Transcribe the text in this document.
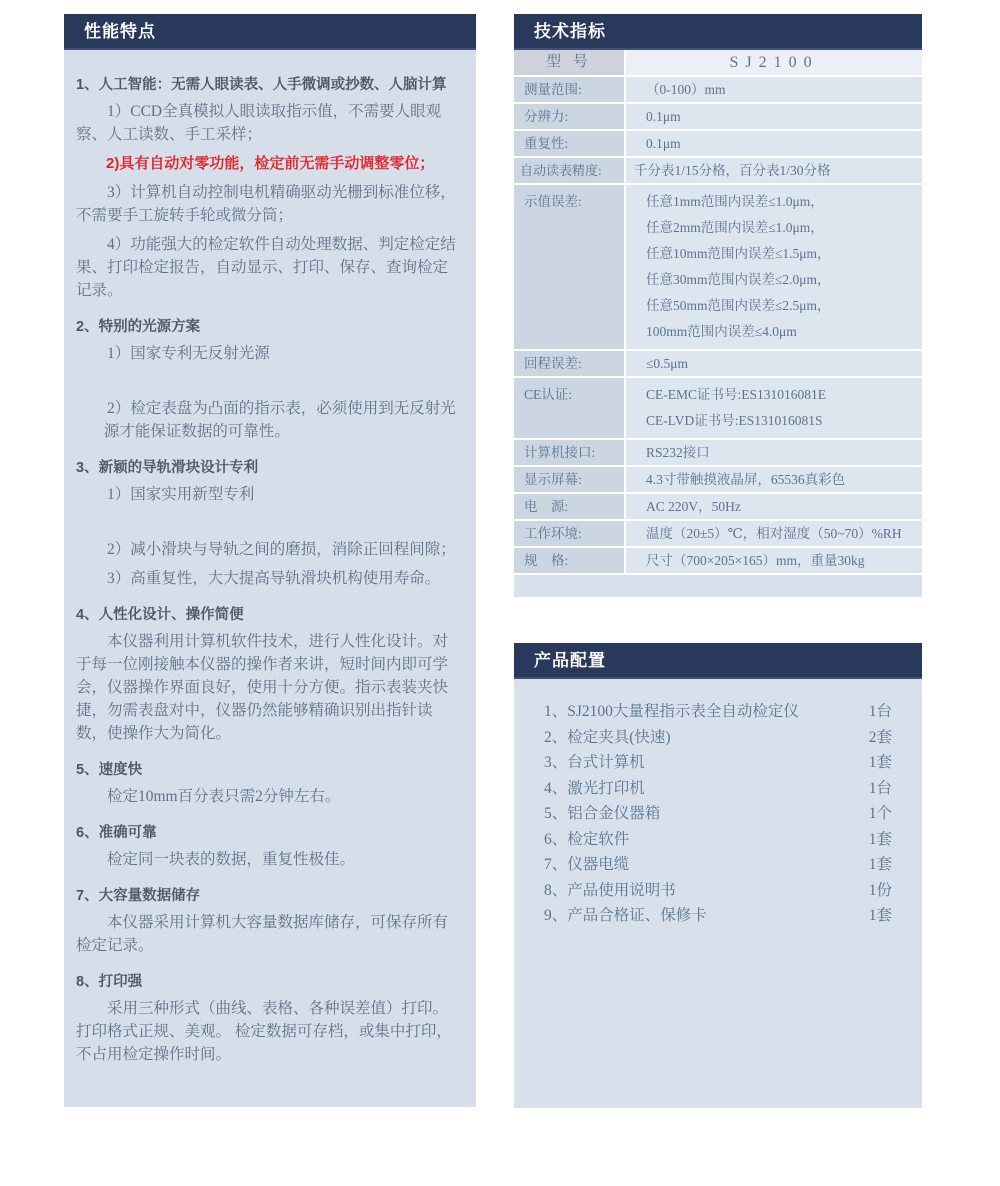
性能特点
1、人工智能：无需人眼读表、人手微调或抄数、人脑计算

1）CCD全真模拟人眼读取指示值，不需要人眼观察、人工读数、手工采样；

2)具有自动对零功能，检定前无需手动调整零位；

3）计算机自动控制电机精确驱动光栅到标准位移，不需要手工旋转手轮或微分筒；

4）功能强大的检定软件自动处理数据、判定检定结果、打印检定报告，自动显示、打印、保存、查询检定记录。

2、特别的光源方案

1）国家专利无反射光源

2）检定表盘为凸面的指示表，必须使用到无反射光源才能保证数据的可靠性。

3、新颖的导轨滑块设计专利

1）国家实用新型专利

2）减小滑块与导轨之间的磨损，消除正回程间隙；

3）高重复性，大大提高导轨滑块机构使用寿命。

4、人性化设计、操作简便

本仪器利用计算机软件技术，进行人性化设计。对于每一位刚接触本仪器的操作者来讲，短时间内即可学会，仪器操作界面良好，使用十分方便。指示表装夹快捷，勿需表盘对中，仪器仍然能够精确识别出指针读数，使操作大为简化。

5、速度快

检定10mm百分表只需2分钟左右。

6、准确可靠

检定同一块表的数据，重复性极佳。

7、大容量数据储存

本仪器采用计算机大容量数据库储存，可保存所有检定记录。

8、打印强

采用三种形式（曲线、表格、各种误差值）打印。打印格式正规、美观。 检定数据可存档，或集中打印，不占用检定操作时间。

技术指标
型 号	SJ2100
测量范围:	（0-100）mm
分辨力:	0.1μm
重复性:	0.1μm
自动读表精度:	千分表1/15分格，百分表1/30分格
示值误差:	任意1mm范围内误差≤1.0μm，
任意2mm范围内误差≤1.0μm，
任意10mm范围内误差≤1.5μm，
任意30mm范围内误差≤2.0μm，
任意50mm范围内误差≤2.5μm，
100mm范围内误差≤4.0μm
回程误差:	≤0.5μm
CE认证:	CE-EMC证书号:ES131016081E
CE-LVD证书号:ES131016081S
计算机接口:	RS232接口
显示屏幕:	4.3寸带触摸液晶屏，65536真彩色
电　源:	AC 220V，50Hz
工作环境:	温度（20±5）℃，相对湿度（50~70）%RH
规　格:	尺寸（700×205×165）mm，重量30kg
产品配置
1、SJ2100大量程指示表全自动检定仪	1台
2、检定夹具(快速)	2套
3、台式计算机	1套
4、激光打印机	1台
5、铝合金仪器箱	1个
6、检定软件	1套
7、仪器电缆	1套
8、产品使用说明书	1份
9、产品合格证、保修卡	1套
